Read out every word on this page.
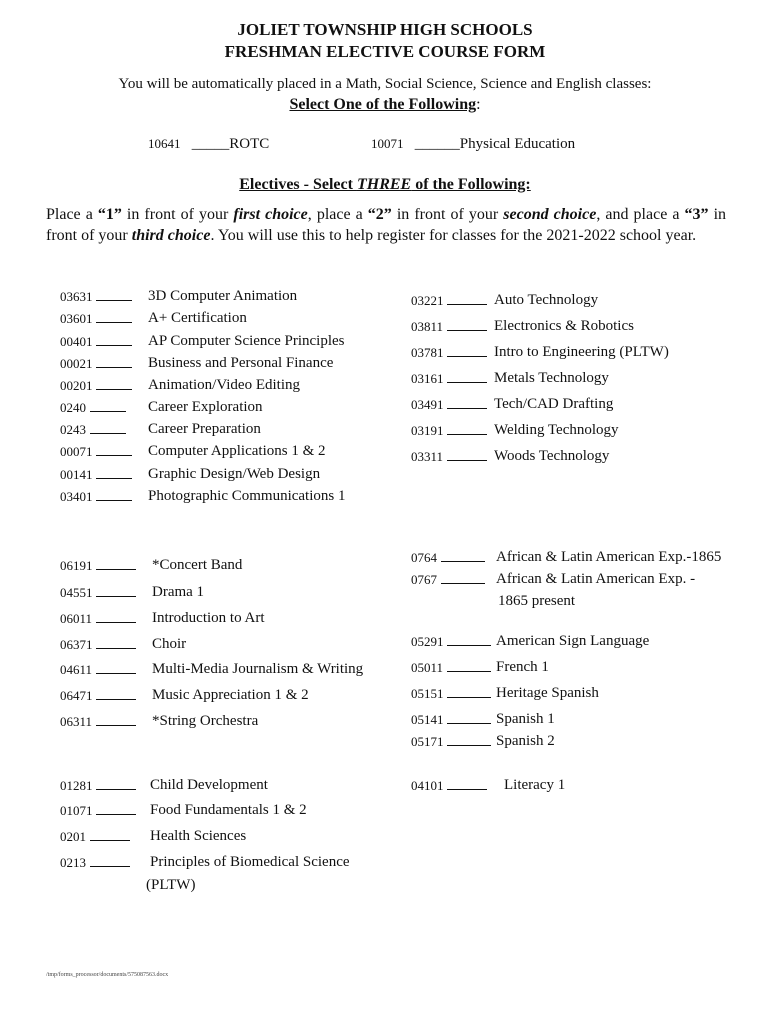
JOLIET TOWNSHIP HIGH SCHOOLS
FRESHMAN ELECTIVE COURSE FORM
You will be automatically placed in a Math, Social Science, Science and English classes:
Select One of the Following:
10641 _____ROTC	10071 ______Physical Education
Electives - Select THREE of the Following:
Place a “1” in front of your first choice, place a “2” in front of your second choice, and place a “3” in front of your third choice. You will use this to help register for classes for the 2021-2022 school year.
03631	3D Computer Animation
03601	A+ Certification
00401	AP Computer Science Principles
00021	Business and Personal Finance
00201	Animation/Video Editing
0240	Career Exploration
0243	Career Preparation
00071	Computer Applications 1 & 2
00141	Graphic Design/Web Design
03401	Photographic Communications 1
03221	Auto Technology
03811	Electronics & Robotics
03781	Intro to Engineering (PLTW)
03161	Metals Technology
03491	Tech/CAD Drafting
03191	Welding Technology
03311	Woods Technology
06191	*Concert Band
04551	Drama 1
06011	Introduction to Art
06371	Choir
04611	Multi-Media Journalism & Writing
06471	Music Appreciation 1 & 2
06311	*String Orchestra
0764	African & Latin American Exp.-1865
0767	African & Latin American Exp. -
1865 present
05291	American Sign Language
05011	French 1
05151	Heritage Spanish
05141	Spanish 1
05171	Spanish 2
01281	Child Development
01071	Food Fundamentals 1 & 2
0201	Health Sciences
0213	Principles of Biomedical Science
(PLTW)
04101	Literacy 1
/tmp/forms_processor/documents/5750875​63.docx
